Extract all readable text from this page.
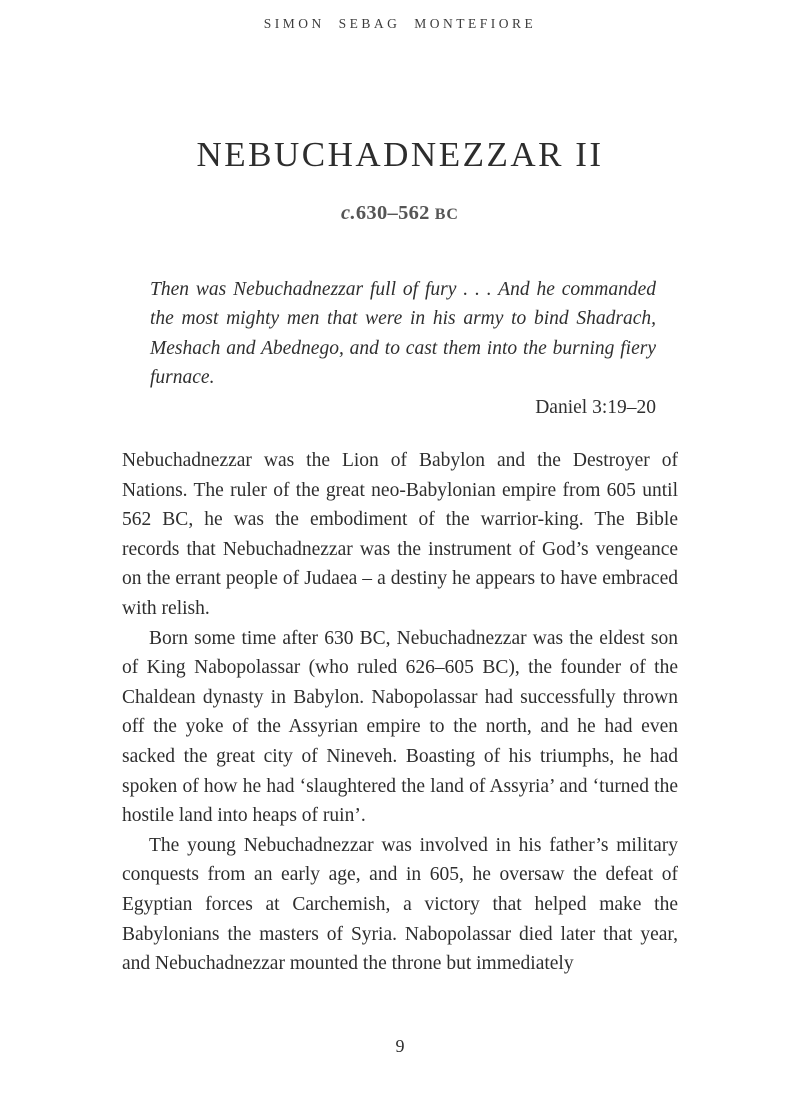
SIMON SEBAG MONTEFIORE
NEBUCHADNEZZAR II
c.630–562 BC

Then was Nebuchadnezzar full of fury . . . And he commanded the most mighty men that were in his army to bind Shadrach, Meshach and Abednego, and to cast them into the burning fiery furnace.

Daniel 3:19–20

Nebuchadnezzar was the Lion of Babylon and the Destroyer of Nations. The ruler of the great neo-Babylonian empire from 605 until 562 BC, he was the embodiment of the warrior-king. The Bible records that Nebuchadnezzar was the instrument of God’s vengeance on the errant people of Judaea – a destiny he appears to have embraced with relish.

Born some time after 630 BC, Nebuchadnezzar was the eldest son of King Nabopolassar (who ruled 626–605 BC), the founder of the Chaldean dynasty in Babylon. Nabopolassar had successfully thrown off the yoke of the Assyrian empire to the north, and he had even sacked the great city of Nineveh. Boasting of his triumphs, he had spoken of how he had ‘slaughtered the land of Assyria’ and ‘turned the hostile land into heaps of ruin’.

The young Nebuchadnezzar was involved in his father’s military conquests from an early age, and in 605, he oversaw the defeat of Egyptian forces at Carchemish, a victory that helped make the Babylonians the masters of Syria. Nabopolassar died later that year, and Nebuchadnezzar mounted the throne but immediately

9
